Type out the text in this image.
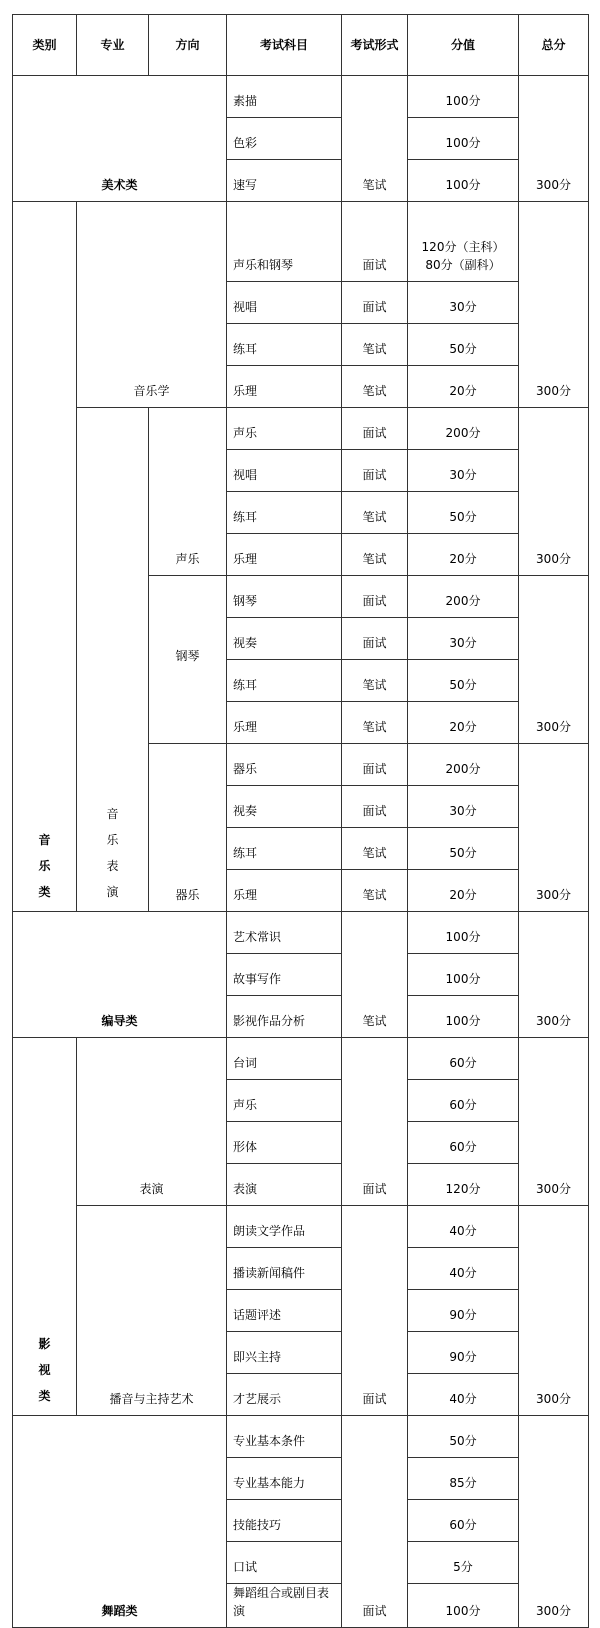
类别	专业	方向	考试科目	考试形式	分值	总分
美术类			素描	笔试	100分	300分
			色彩		100分	
			速写		100分	
音乐类	音乐学		声乐和钢琴	面试	120分（主科）80分（副科）	300分
			视唱	面试	30分	
			练耳	笔试	50分	
			乐理	笔试	20分	
	音乐表演	声乐	声乐	面试	200分	300分
			视唱	面试	30分	
			练耳	笔试	50分	
			乐理	笔试	20分	
		钢琴	钢琴	面试	200分	300分
			视奏	面试	30分	
			练耳	笔试	50分	
			乐理	笔试	20分	
		器乐	器乐	面试	200分	300分
			视奏	面试	30分	
			练耳	笔试	50分	
			乐理	笔试	20分	
编导类			艺术常识	笔试	100分	300分
			故事写作		100分	
			影视作品分析		100分	
影视类	表演		台词	面试	60分	300分
			声乐		60分	
			形体		60分	
			表演		120分	
	播音与主持艺术		朗读文学作品	面试	40分	300分
			播读新闻稿件		40分	
			话题评述		90分	
			即兴主持		90分	
			才艺展示		40分	
舞蹈类			专业基本条件	面试	50分	300分
			专业基本能力		85分	
			技能技巧		60分	
			口试		5分	
			舞蹈组合或剧目表演		100分	
